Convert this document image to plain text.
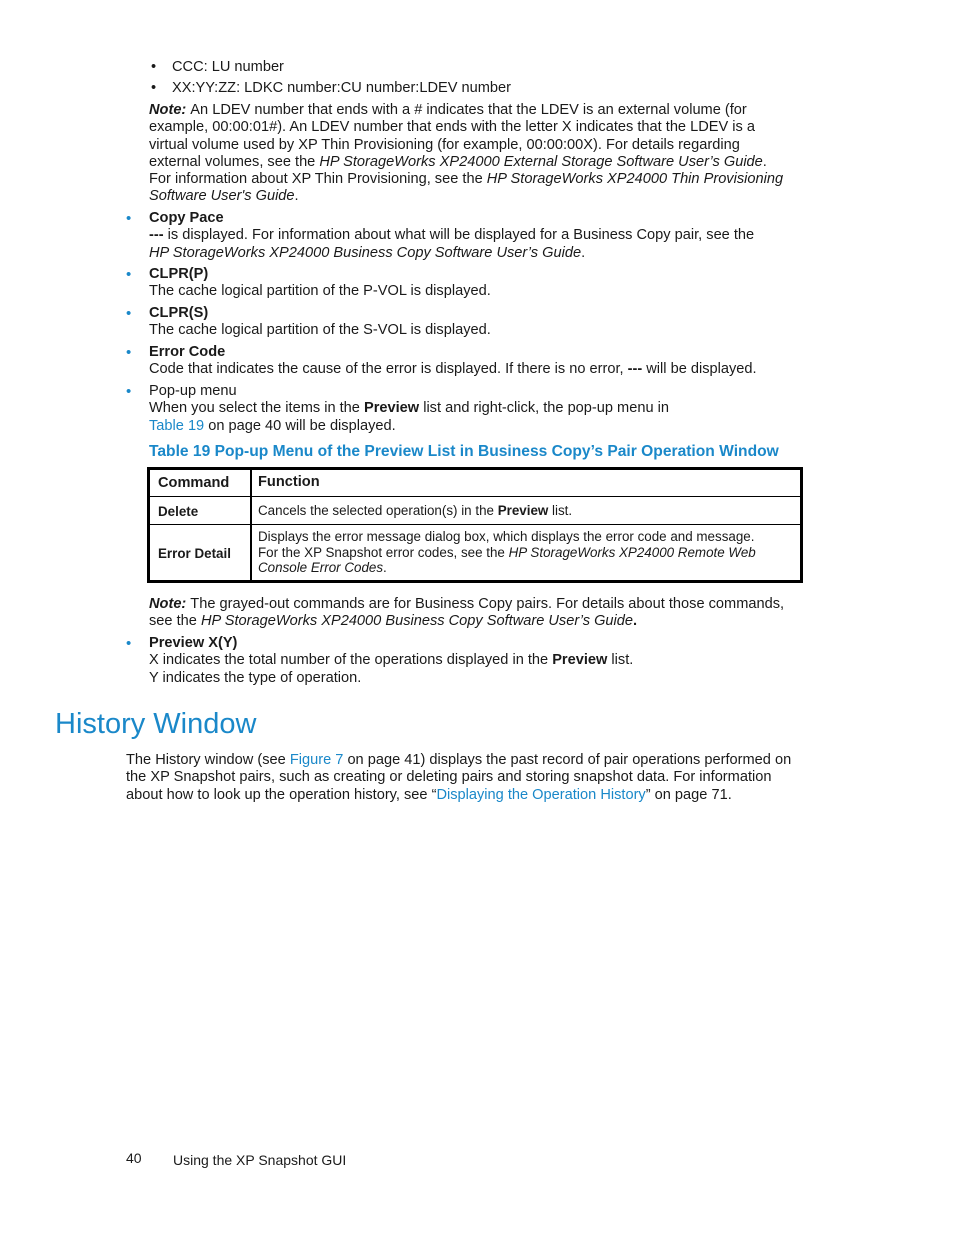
• CCC: LU number
• XX:YY:ZZ: LDKC number:CU number:LDEV number
Note: An LDEV number that ends with a # indicates that the LDEV is an external volume (for
example, 00:00:01#). An LDEV number that ends with the letter X indicates that the LDEV is a
virtual volume used by XP Thin Provisioning (for example, 00:00:00X). For details regarding
external volumes, see the HP StorageWorks XP24000 External Storage Software User’s Guide.
For information about XP Thin Provisioning, see the HP StorageWorks XP24000 Thin Provisioning
Software User's Guide.
• Copy Pace
--- is displayed. For information about what will be displayed for a Business Copy pair, see the
HP StorageWorks XP24000 Business Copy Software User’s Guide.
• CLPR(P)
The cache logical partition of the P-VOL is displayed.
• CLPR(S)
The cache logical partition of the S-VOL is displayed.
• Error Code
Code that indicates the cause of the error is displayed. If there is no error, --- will be displayed.
• Pop-up menu
When you select the items in the Preview list and right-click, the pop-up menu in
Table 19 on page 40 will be displayed.
Table 19 Pop-up Menu of the Preview List in Business Copy’s Pair Operation Window
Command Function
Delete	Cancels the selected operation(s) in the Preview list.
Error Detail
Displays the error message dialog box, which displays the error code and message.
For the XP Snapshot error codes, see the HP StorageWorks XP24000 Remote Web
Console Error Codes.
Note: The grayed-out commands are for Business Copy pairs. For details about those commands,
see the HP StorageWorks XP24000 Business Copy Software User’s Guide.
• Preview X(Y)
X indicates the total number of the operations displayed in the Preview list.
Y indicates the type of operation.
History Window
The History window (see Figure 7 on page 41) displays the past record of pair operations performed on
the XP Snapshot pairs, such as creating or deleting pairs and storing snapshot data. For information
about how to look up the operation history, see “Displaying the Operation History” on page 71.
40 Using the XP Snapshot GUI
